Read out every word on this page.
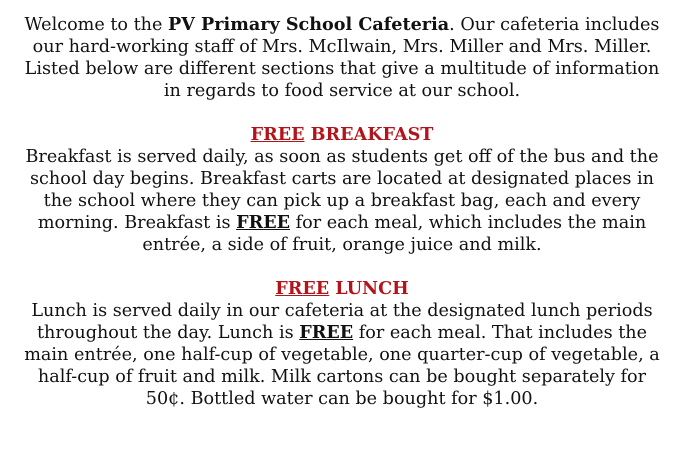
Welcome to the PV Primary School Cafeteria. Our cafeteria includes
our hard-working staff of Mrs. McIlwain, Mrs. Miller and Mrs. Miller.
Listed below are different sections that give a multitude of information
in regards to food service at our school.

FREE BREAKFAST

Breakfast is served daily, as soon as students get off of the bus and the
school day begins. Breakfast carts are located at designated places in
the school where they can pick up a breakfast bag, each and every
morning. Breakfast is FREE for each meal, which includes the main
entrée, a side of fruit, orange juice and milk.

FREE LUNCH

Lunch is served daily in our cafeteria at the designated lunch periods
throughout the day. Lunch is FREE for each meal. That includes the
main entrée, one half-cup of vegetable, one quarter-cup of vegetable, a
half-cup of fruit and milk. Milk cartons can be bought separately for
50¢. Bottled water can be bought for $1.00.
